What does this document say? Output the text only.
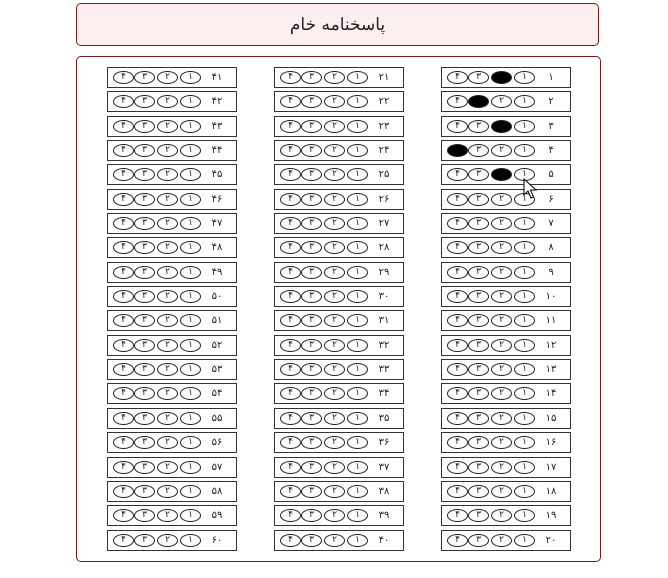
پاسخنامه خام
۱
۱
۲
۳
۴
۲
۱
۲
۳
۴
۳
۱
۲
۳
۴
۴
۱
۲
۳
۴
۵
۱
۲
۳
۴
۶
۱
۲
۳
۴
۷
۱
۲
۳
۴
۸
۱
۲
۳
۴
۹
۱
۲
۳
۴
۱۰
۱
۲
۳
۴
۱۱
۱
۲
۳
۴
۱۲
۱
۲
۳
۴
۱۳
۱
۲
۳
۴
۱۴
۱
۲
۳
۴
۱۵
۱
۲
۳
۴
۱۶
۱
۲
۳
۴
۱۷
۱
۲
۳
۴
۱۸
۱
۲
۳
۴
۱۹
۱
۲
۳
۴
۲۰
۱
۲
۳
۴
۲۱
۱
۲
۳
۴
۲۲
۱
۲
۳
۴
۲۳
۱
۲
۳
۴
۲۴
۱
۲
۳
۴
۲۵
۱
۲
۳
۴
۲۶
۱
۲
۳
۴
۲۷
۱
۲
۳
۴
۲۸
۱
۲
۳
۴
۲۹
۱
۲
۳
۴
۳۰
۱
۲
۳
۴
۳۱
۱
۲
۳
۴
۳۲
۱
۲
۳
۴
۳۳
۱
۲
۳
۴
۳۴
۱
۲
۳
۴
۳۵
۱
۲
۳
۴
۳۶
۱
۲
۳
۴
۳۷
۱
۲
۳
۴
۳۸
۱
۲
۳
۴
۳۹
۱
۲
۳
۴
۴۰
۱
۲
۳
۴
۴۱
۱
۲
۳
۴
۴۲
۱
۲
۳
۴
۴۳
۱
۲
۳
۴
۴۴
۱
۲
۳
۴
۴۵
۱
۲
۳
۴
۴۶
۱
۲
۳
۴
۴۷
۱
۲
۳
۴
۴۸
۱
۲
۳
۴
۴۹
۱
۲
۳
۴
۵۰
۱
۲
۳
۴
۵۱
۱
۲
۳
۴
۵۲
۱
۲
۳
۴
۵۳
۱
۲
۳
۴
۵۴
۱
۲
۳
۴
۵۵
۱
۲
۳
۴
۵۶
۱
۲
۳
۴
۵۷
۱
۲
۳
۴
۵۸
۱
۲
۳
۴
۵۹
۱
۲
۳
۴
۶۰
۱
۲
۳
۴
